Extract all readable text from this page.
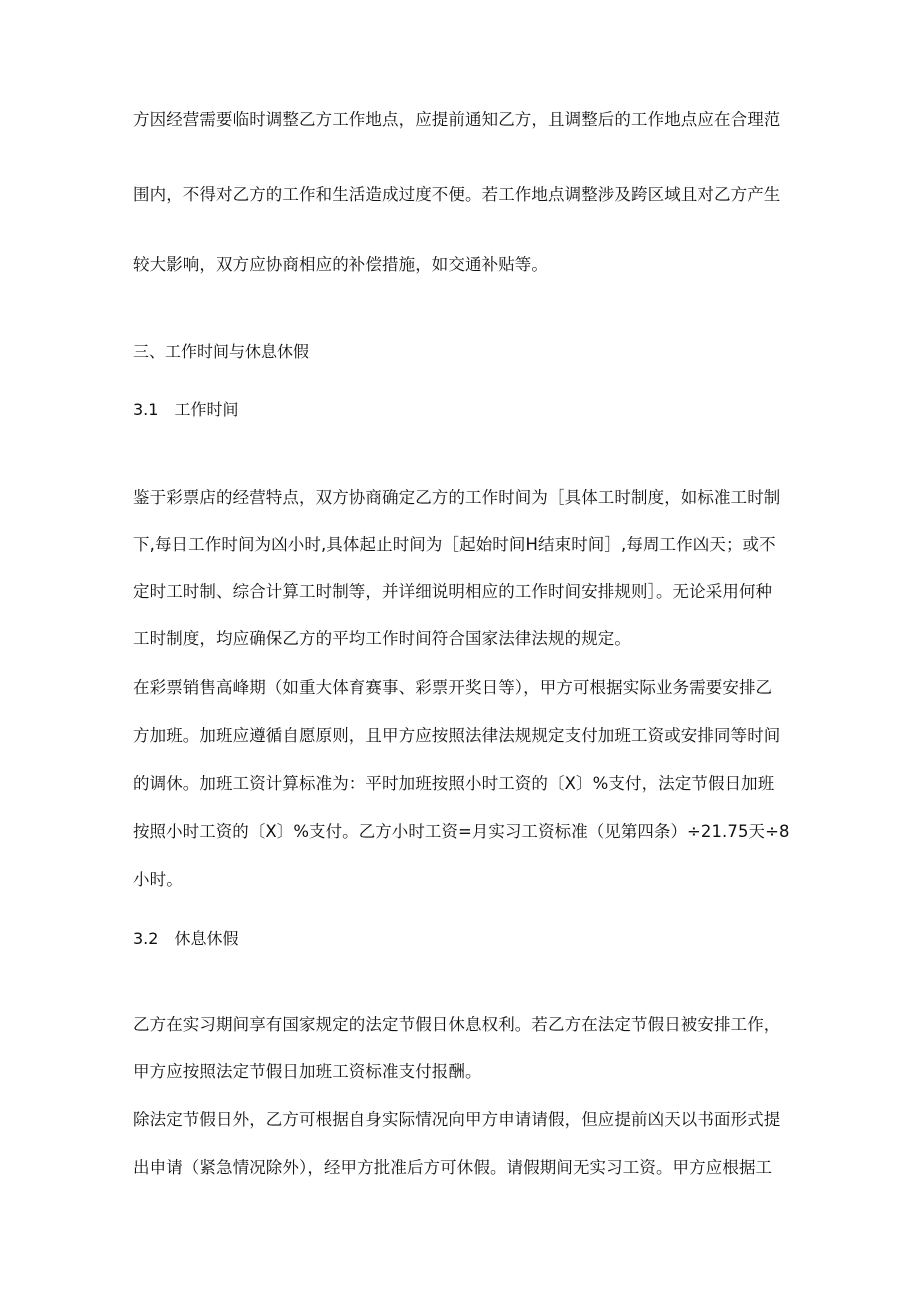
方因经营需要临时调整乙方工作地点，应提前通知乙方，且调整后的工作地点应在合理范
围内，不得对乙方的工作和生活造成过度不便。若工作地点调整涉及跨区域且对乙方产生
较大影响，双方应协商相应的补偿措施，如交通补贴等。
三、工作时间与休息休假
3.1　工作时间
鉴于彩票店的经营特点，双方协商确定乙方的工作时间为［具体工时制度，如标准工时制
下,每日工作时间为凶小时,具体起止时间为［起始时间H结束时间］,每周工作凶天；或不
定时工时制、综合计算工时制等，并详细说明相应的工作时间安排规则］。无论采用何种
工时制度，均应确保乙方的平均工作时间符合国家法律法规的规定。
在彩票销售高峰期（如重大体育赛事、彩票开奖日等），甲方可根据实际业务需要安排乙
方加班。加班应遵循自愿原则，且甲方应按照法律法规规定支付加班工资或安排同等时间
的调休。加班工资计算标准为：平时加班按照小时工资的〔X〕%支付，法定节假日加班
按照小时工资的〔X〕%支付。乙方小时工资=月实习工资标准（见第四条）÷21.75天÷8
小时。
3.2　休息休假
乙方在实习期间享有国家规定的法定节假日休息权利。若乙方在法定节假日被安排工作，
甲方应按照法定节假日加班工资标准支付报酬。
除法定节假日外，乙方可根据自身实际情况向甲方申请请假，但应提前凶天以书面形式提
出申请（紧急情况除外），经甲方批准后方可休假。请假期间无实习工资。甲方应根据工
